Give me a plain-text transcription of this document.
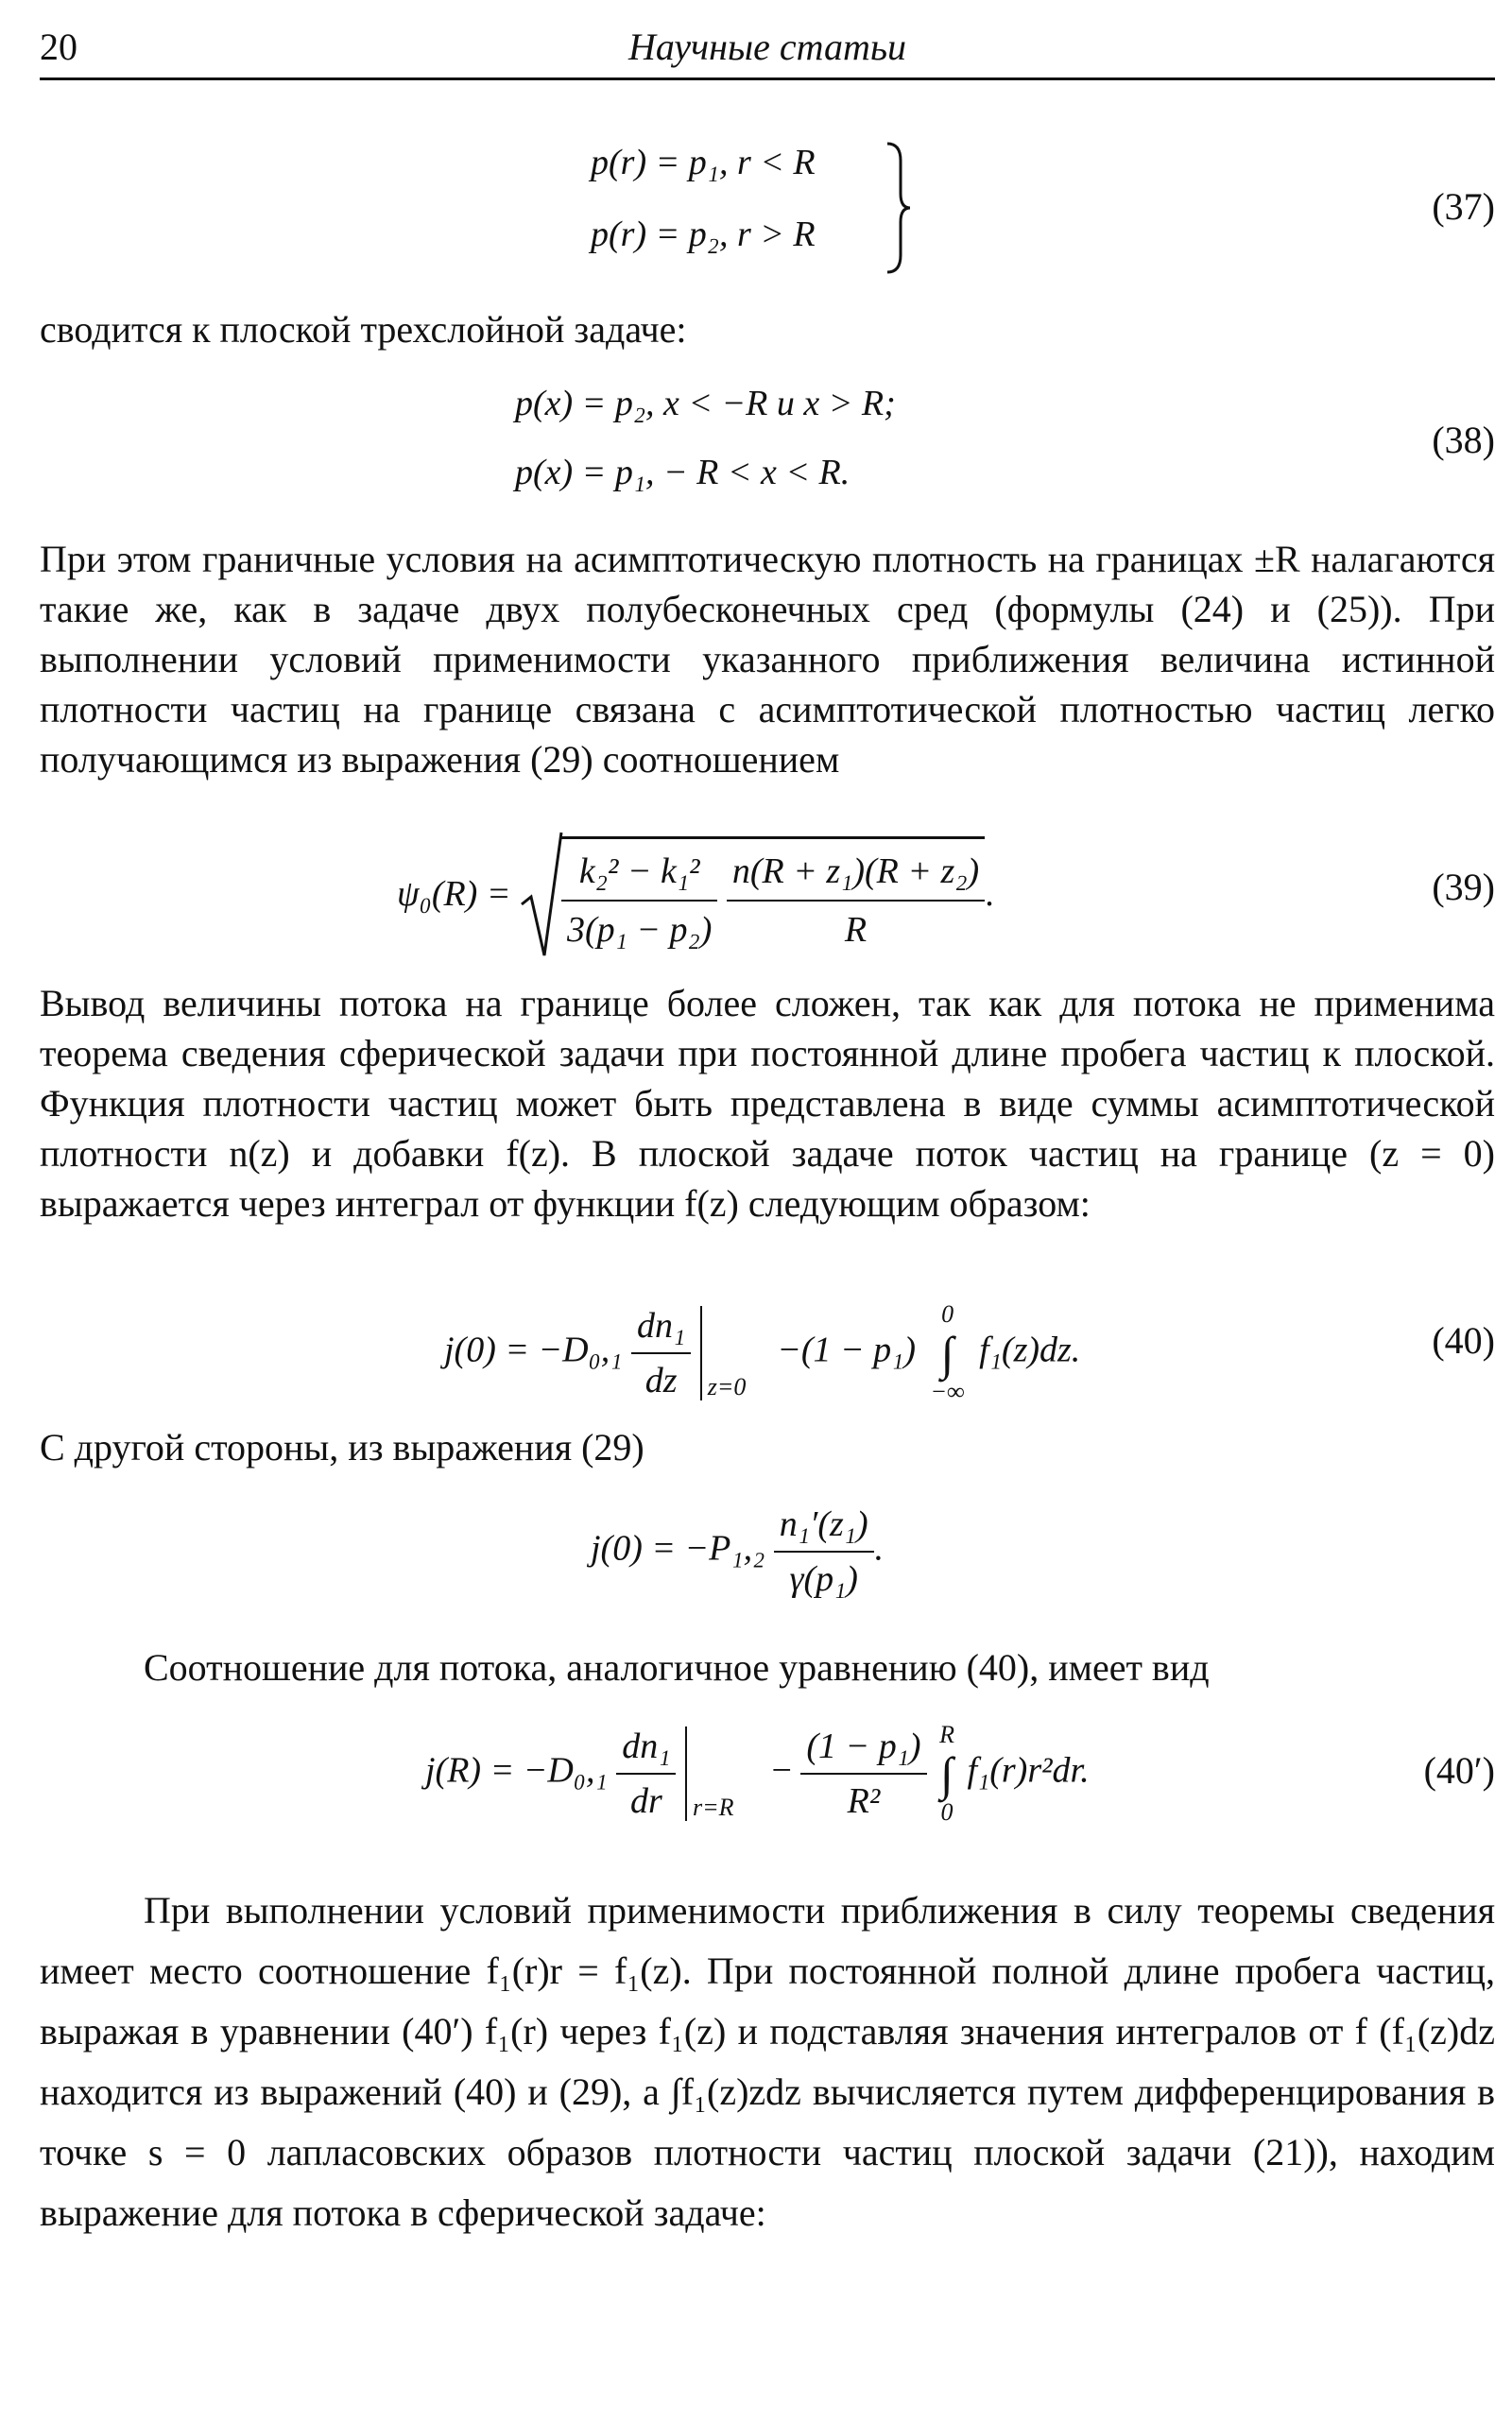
20	Научные статьи
p(r) = p₁, r < R
p(r) = p₂, r > R
(37)
сводится к плоской трехслойной задаче:
p(x) = p₂, x < −R и x > R;
p(x) = p₁, − R < x < R.
(38)
При этом граничные условия на асимптотическую плотность на границах ±R налагаются такие же, как в задаче двух полубесконечных сред (формулы (24) и (25)). При выполнении условий применимости указанного приближения величина истинной плотности частиц на границе связана с асимптотической плотностью частиц легко получающимся из выражения (29) соотношением
$\psi_0(R) = \frac{\text{k₂² − k₁²}}{\text{3(p₁ − p₂)}}$
$\frac{\text{n(R + z₁)(R + z₂)}}{R}$ .	(39)
Вывод величины потока на границе более сложен, так как для потока не применима теорема сведения сферической задачи при постоянной длине пробега частиц к плоской. Функция плотности частиц может быть представлена в виде суммы асимптотической плотности n(z) и добавки f(z). В плоской задаче поток частиц на границе (z = 0) выражается через интеграл от функции f(z) следующим образом:
$j(0) = -D_0,_1 \frac{\text{dn₁}}{dz}$
z=0
−(1 − p₁)
0
∫
−∞
f₁(z)dz.	(40)
С другой стороны, из выражения (29)
$j(0) = -P_1,_2 \frac{\text{n₁′(z₁)}}{\text{γ(p₁)}}$ .
Соотношение для потока, аналогичное уравнению (40), имеет вид
$j(R) = -D_0,_1 \frac{\text{dn₁}}{dr}$
r=R
− $\frac{\text{(1 − p₁)}}{\text{R²}}$
R
∫
0
f₁(r)r²dr.	(40′)
При выполнении условий применимости приближения в силу теоремы сведения имеет место соотношение f₁(r)r = f₁(z). При постоянной полной длине пробега частиц, выражая в уравнении (40′) f₁(r) через f₁(z) и подставляя значения интегралов от f (f₁(z)dz находится из выражений (40) и (29), а ∫f₁(z)zdz вычисляется путем дифференцирования в точке s = 0 лапласовских образов плотности частиц плоской задачи (21)), находим выражение для потока в сферической задаче:
